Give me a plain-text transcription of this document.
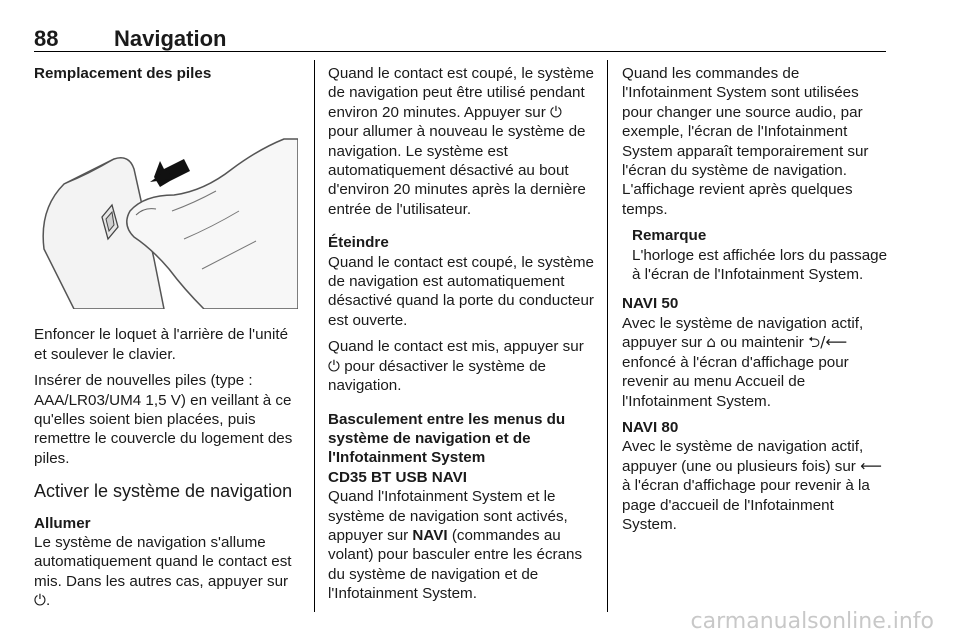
88	Navigation

Remplacement des piles

Enfoncer le loquet à l'arrière de l'unité et soulever le clavier.

Insérer de nouvelles piles (type : AAA/LR03/UM4 1,5 V) en veillant à ce qu'elles soient bien placées, puis remettre le couvercle du logement des piles.

Activer le système de navigation

Allumer

Le système de navigation s'allume automatiquement quand le contact est mis. Dans les autres cas, appuyer sur ⏻.

Quand le contact est coupé, le système de navigation peut être utilisé pendant environ 20 minutes. Appuyer sur ⏻ pour allumer à nouveau le système de navigation. Le système est automatiquement désactivé au bout d'environ 20 minutes après la dernière entrée de l'utilisateur.

Éteindre

Quand le contact est coupé, le système de navigation est automatiquement désactivé quand la porte du conducteur est ouverte.

Quand le contact est mis, appuyer sur ⏻ pour désactiver le système de navigation.

Basculement entre les menus du système de navigation et de l'Infotainment System

CD35 BT USB NAVI

Quand l'Infotainment System et le système de navigation sont activés, appuyer sur NAVI (commandes au volant) pour basculer entre les écrans du système de navigation et de l'Infotainment System.

Quand les commandes de l'Infotainment System sont utilisées pour changer une source audio, par exemple, l'écran de l'Infotainment System apparaît temporairement sur l'écran du système de navigation. L'affichage revient après quelques temps.

Remarque

L'horloge est affichée lors du passage à l'écran de l'Infotainment System.

NAVI 50

Avec le système de navigation actif, appuyer sur ⌂ ou maintenir ⮌/⟵ enfoncé à l'écran d'affichage pour revenir au menu Accueil de l'Infotainment System.

NAVI 80

Avec le système de navigation actif, appuyer (une ou plusieurs fois) sur ⟵ à l'écran d'affichage pour revenir à la page d'accueil de l'Infotainment System.

carmanualsonline.info
